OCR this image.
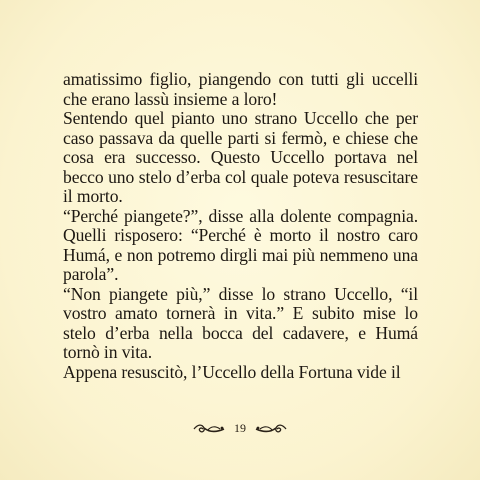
amatissimo figlio, piangendo con tutti gli uccelli che erano lassù insieme a loro!

Sentendo quel pianto uno strano Uccello che per caso passava da quelle parti si fermò, e chiese che cosa era successo. Questo Uccello portava nel becco uno stelo d’erba col quale poteva resuscitare il morto.

“Perché piangete?”, disse alla dolente compagnia. Quelli risposero: “Perché è morto il nostro caro Humá, e non potremo dirgli mai più nemmeno una parola”.

“Non piangete più,” disse lo strano Uccello, “il vostro amato tornerà in vita.” E subito mise lo stelo d’erba nella bocca del cadavere, e Humá tornò in vita.

Appena resuscitò, l’Uccello della Fortuna vide il

19
